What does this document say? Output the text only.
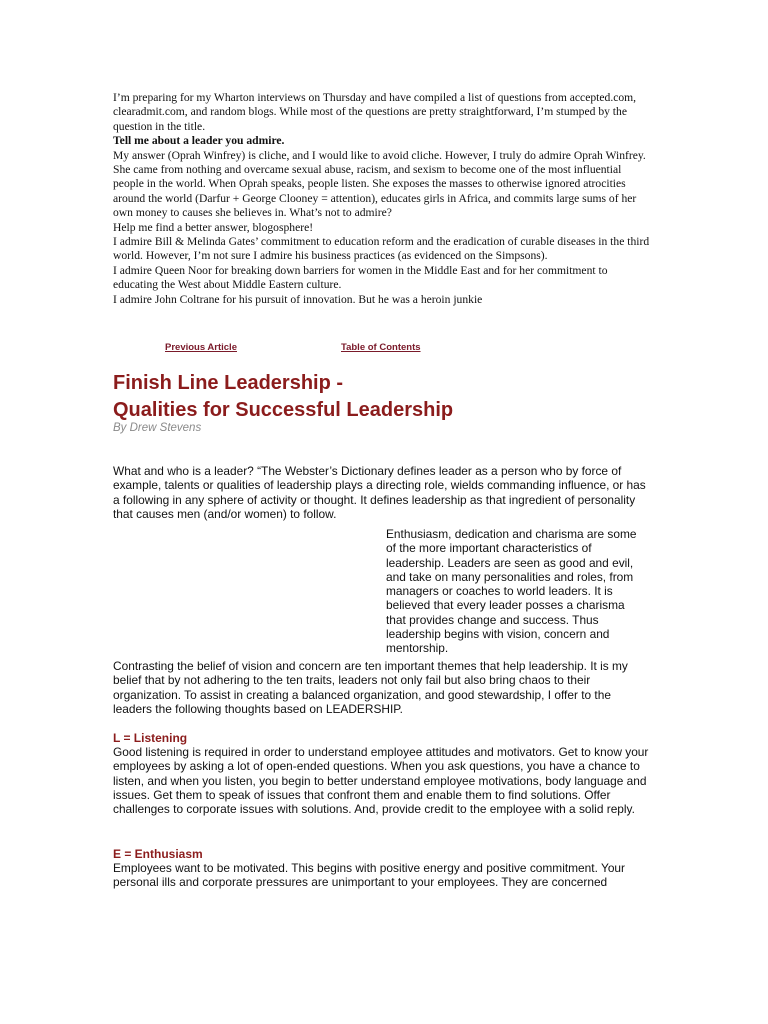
I’m preparing for my Wharton interviews on Thursday and have compiled a list of questions from accepted.com, clearadmit.com, and random blogs. While most of the questions are pretty straightforward, I’m stumped by the question in the title.

Tell me about a leader you admire.

My answer (Oprah Winfrey) is cliche, and I would like to avoid cliche. However, I truly do admire Oprah Winfrey. She came from nothing and overcame sexual abuse, racism, and sexism to become one of the most influential people in the world. When Oprah speaks, people listen. She exposes the masses to otherwise ignored atrocities around the world (Darfur + George Clooney = attention), educates girls in Africa, and commits large sums of her own money to causes she believes in. What’s not to admire?

Help me find a better answer, blogosphere!

I admire Bill & Melinda Gates’ commitment to education reform and the eradication of curable diseases in the third world. However, I’m not sure I admire his business practices (as evidenced on the Simpsons).

I admire Queen Noor for breaking down barriers for women in the Middle East and for her commitment to educating the West about Middle Eastern culture.

I admire John Coltrane for his pursuit of innovation. But he was a heroin junkie

Previous Article	Table of Contents
Finish Line Leadership -
Qualities for Successful Leadership
By Drew Stevens

What and who is a leader? “The Webster’s Dictionary defines leader as a person who by force of example, talents or qualities of leadership plays a directing role, wields commanding influence, or has a following in any sphere of activity or thought. It defines leadership as that ingredient of personality that causes men (and/or women) to follow.

Enthusiasm, dedication and charisma are some of the more important characteristics of leadership. Leaders are seen as good and evil, and take on many personalities and roles, from managers or coaches to world leaders. It is believed that every leader posses a charisma that provides change and success. Thus leadership begins with vision, concern and mentorship.

Contrasting the belief of vision and concern are ten important themes that help leadership. It is my belief that by not adhering to the ten traits, leaders not only fail but also bring chaos to their organization. To assist in creating a balanced organization, and good stewardship, I offer to the leaders the following thoughts based on LEADERSHIP.

L = Listening

Good listening is required in order to understand employee attitudes and motivators. Get to know your employees by asking a lot of open-ended questions. When you ask questions, you have a chance to listen, and when you listen, you begin to better understand employee motivations, body language and issues. Get them to speak of issues that confront them and enable them to find solutions. Offer challenges to corporate issues with solutions. And, provide credit to the employee with a solid reply.

E = Enthusiasm

Employees want to be motivated. This begins with positive energy and positive commitment. Your personal ills and corporate pressures are unimportant to your employees. They are concerned
